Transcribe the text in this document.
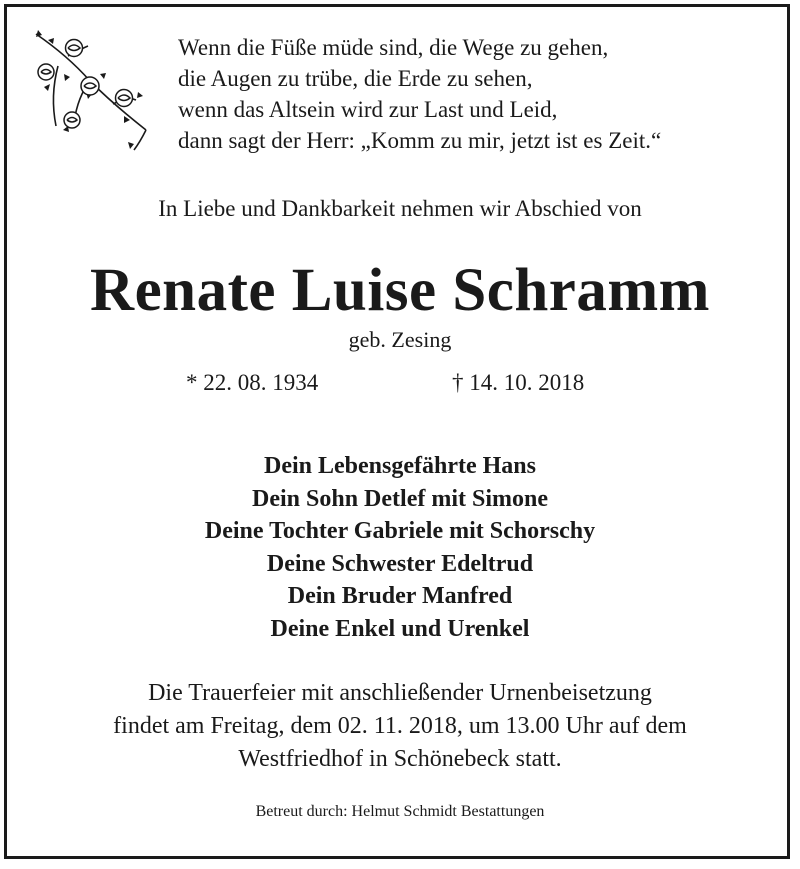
Wenn die Füße müde sind, die Wege zu gehen,
die Augen zu trübe, die Erde zu sehen,
wenn das Altsein wird zur Last und Leid,
dann sagt der Herr: „Komm zu mir, jetzt ist es Zeit.“
In Liebe und Dankbarkeit nehmen wir Abschied von
Renate Luise Schramm
geb. Zesing
* 22. 08. 1934	† 14. 10. 2018
Dein Lebensgefährte Hans
Dein Sohn Detlef mit Simone
Deine Tochter Gabriele mit Schorschy
Deine Schwester Edeltrud
Dein Bruder Manfred
Deine Enkel und Urenkel
Die Trauerfeier mit anschließender Urnenbeisetzung
findet am Freitag, dem 02. 11. 2018, um 13.00 Uhr auf dem
Westfriedhof in Schönebeck statt.
Betreut durch: Helmut Schmidt Bestattungen
